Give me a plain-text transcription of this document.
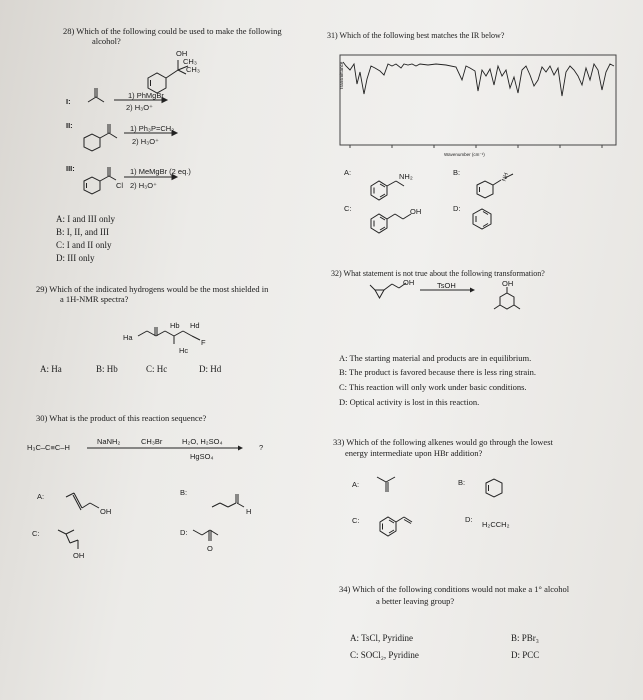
28) Which of the following could be used to make the following
alcohol?
OH
CH₃
CH₃
I:
1) PhMgBr
2) H₃O⁺
II:	1) Ph₃P=CH₂
2) H₃O⁺
III:
Cl
1) MeMgBr (2 eq.)
2) H₃O⁺
A: I and III only
B: I, II, and III
C: I and II only
D: III only
29) Which of the indicated hydrogens would be the most shielded in
a 1H-NMR spectra?
Ha
Hb Hd
Hc
F
A: Ha	B: Hb	C: Hc	D: Hd
30) What is the product of this reaction sequence?
H₃C–C≡C–H
NaNH₂	CH₃Br	H₂O, H₂SO₄
HgSO₄
?
A:
OH
B:
H
C:
OH
D:
O
31) Which of the following best matches the IR below?
Transmittance
Wavenumber (cm⁻¹)
A:	NH₂	B:	NH
C:	OH	D:
32) What statement is not true about the following transformation?
OH	TsOH	OH
A: The starting material and products are in equilibrium.
B: The product is favored because there is less ring strain.
C: This reaction will only work under basic conditions.
D: Optical activity is lost in this reaction.
33) Which of the following alkenes would go through the lowest
energy intermediate upon HBr addition?
A:	B:
C:	D:
H₂CCH₂
34) Which of the following conditions would not make a 1° alcohol
a better leaving group?
A: TsCl, Pyridine	B: PBr₃
C: SOCl₂, Pyridine	D: PCC
